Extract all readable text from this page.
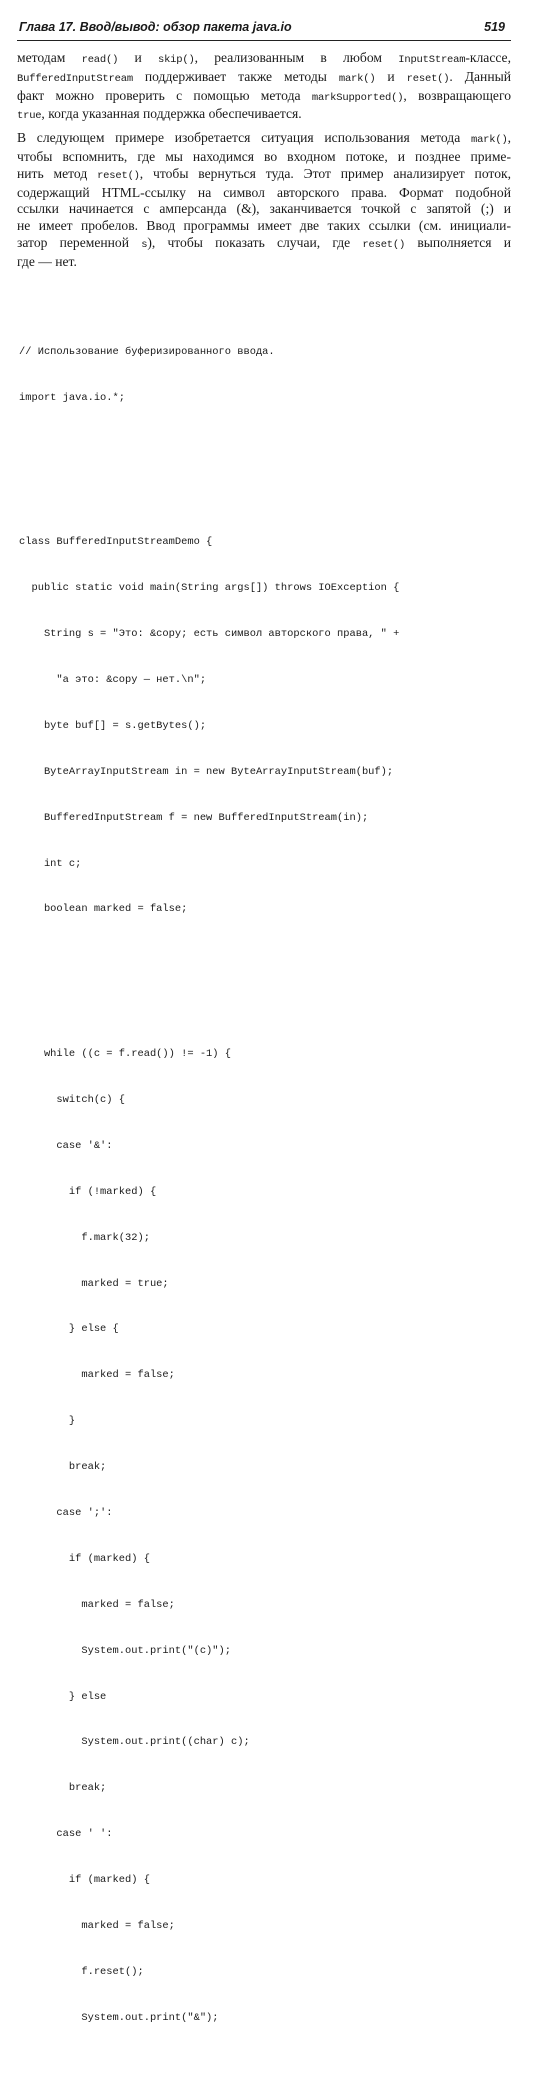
Глава 17. Ввод/вывод: обзор пакета java.io	519
методам read() и skip(), реализованным в любом InputStream-классе,
BufferedInputStream поддерживает также методы mark() и reset(). Данный
факт можно проверить с помощью метода markSupported(), возвращающего
true, когда указанная поддержка обеспечивается.
В следующем примере изобретается ситуация использования метода mark(),
чтобы вспомнить, где мы находимся во входном потоке, и позднее приме-
нить метод reset(), чтобы вернуться туда. Этот пример анализирует поток,
содержащий HTML-ссылку на символ авторского права. Формат подобной
ссылки начинается с амперсанда (&), заканчивается точкой с запятой (;) и
не имеет пробелов. Ввод программы имеет две таких ссылки (см. инициали-
затор переменной s), чтобы показать случаи, где reset() выполняется и
где — нет.

// Использование буферизированного ввода.

import java.io.*;

class BufferedInputStreamDemo {

public static void main(String args[]) throws IOException {

String s = "Это: &copy; есть символ авторского права, " +

"а это: &copy — нет.\n";

byte buf[] = s.getBytes();

ByteArrayInputStream in = new ByteArrayInputStream(buf);

BufferedInputStream f = new BufferedInputStream(in);

int c;

boolean marked = false;

while ((c = f.read()) != -1) {

switch(c) {

case '&':

if (!marked) {

f.mark(32);

marked = true;

} else {

marked = false;

}

break;

case ';':

if (marked) {

marked = false;

System.out.print("(c)");

} else

System.out.print((char) c);

break;

case ' ':

if (marked) {

marked = false;

f.reset();

System.out.print("&");
